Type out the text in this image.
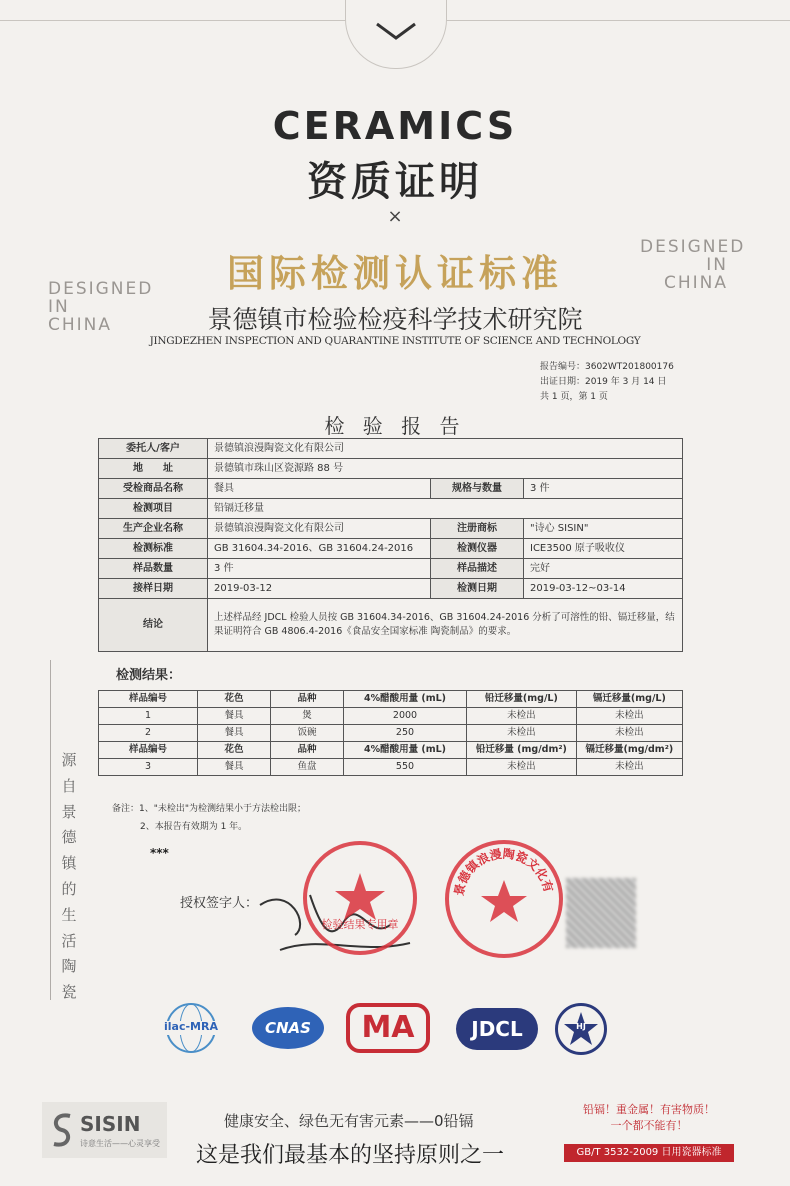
CERAMICS
资质证明
×
DESIGNED
IN
CHINA
DESIGNED
IN
CHINA
国际检测认证标准
景德镇市检验检疫科学技术研究院
JINGDEZHEN INSPECTION AND QUARANTINE INSTITUTE OF SCIENCE AND TECHNOLOGY
报告编号：3602WT201800176
出证日期：2019 年 3 月 14 日
共 1 页，第 1 页
检 验 报 告
委托人/客户	景德镇浪漫陶瓷文化有限公司		
地　　址	景德镇市珠山区瓷源路 88 号		
受检商品名称	餐具	规格与数量	3 件
检测项目	铅镉迁移量		
生产企业名称	景德镇浪漫陶瓷文化有限公司	注册商标	"诗心 SISIN"
检测标准	GB 31604.34-2016、GB 31604.24-2016	检测仪器	ICE3500 原子吸收仪
样品数量	3 件	样品描述	完好
接样日期	2019-03-12	检测日期	2019-03-12~03-14
结论	上述样品经 JDCL 检验人员按 GB 31604.34-2016、GB 31604.24-2016 分析了可溶性的铅、镉迁移量，结果证明符合 GB 4806.4-2016《食品安全国家标准 陶瓷制品》的要求。		
检测结果：
样品编号	花色	品种	4%醋酸用量 (mL)	铅迁移量(mg/L)	镉迁移量(mg/L)
1	餐具	煲	2000	未检出	未检出
2	餐具	饭碗	250	未检出	未检出
样品编号	花色	品种	4%醋酸用量 (mL)	铅迁移量 (mg/dm²)	镉迁移量(mg/dm²)
3	餐具	鱼盘	550	未检出	未检出
备注：1、"未检出"为检测结果小于方法检出限；
2、本报告有效期为 1 年。
***
授权签字人：
检验结果专用章
景德镇浪漫陶瓷文化有
源
自
景
德
镇
的
生
活
陶
瓷
ilac-MRA	CNAS	MA	JDCL	HJ
SISIN
诗意生活——心灵享受
健康安全、绿色无有害元素——0铅镉
这是我们最基本的坚持原则之一
铅镉！重金属！有害物质！
一个都不能有！
GB/T 3532-2009 日用瓷器标准
